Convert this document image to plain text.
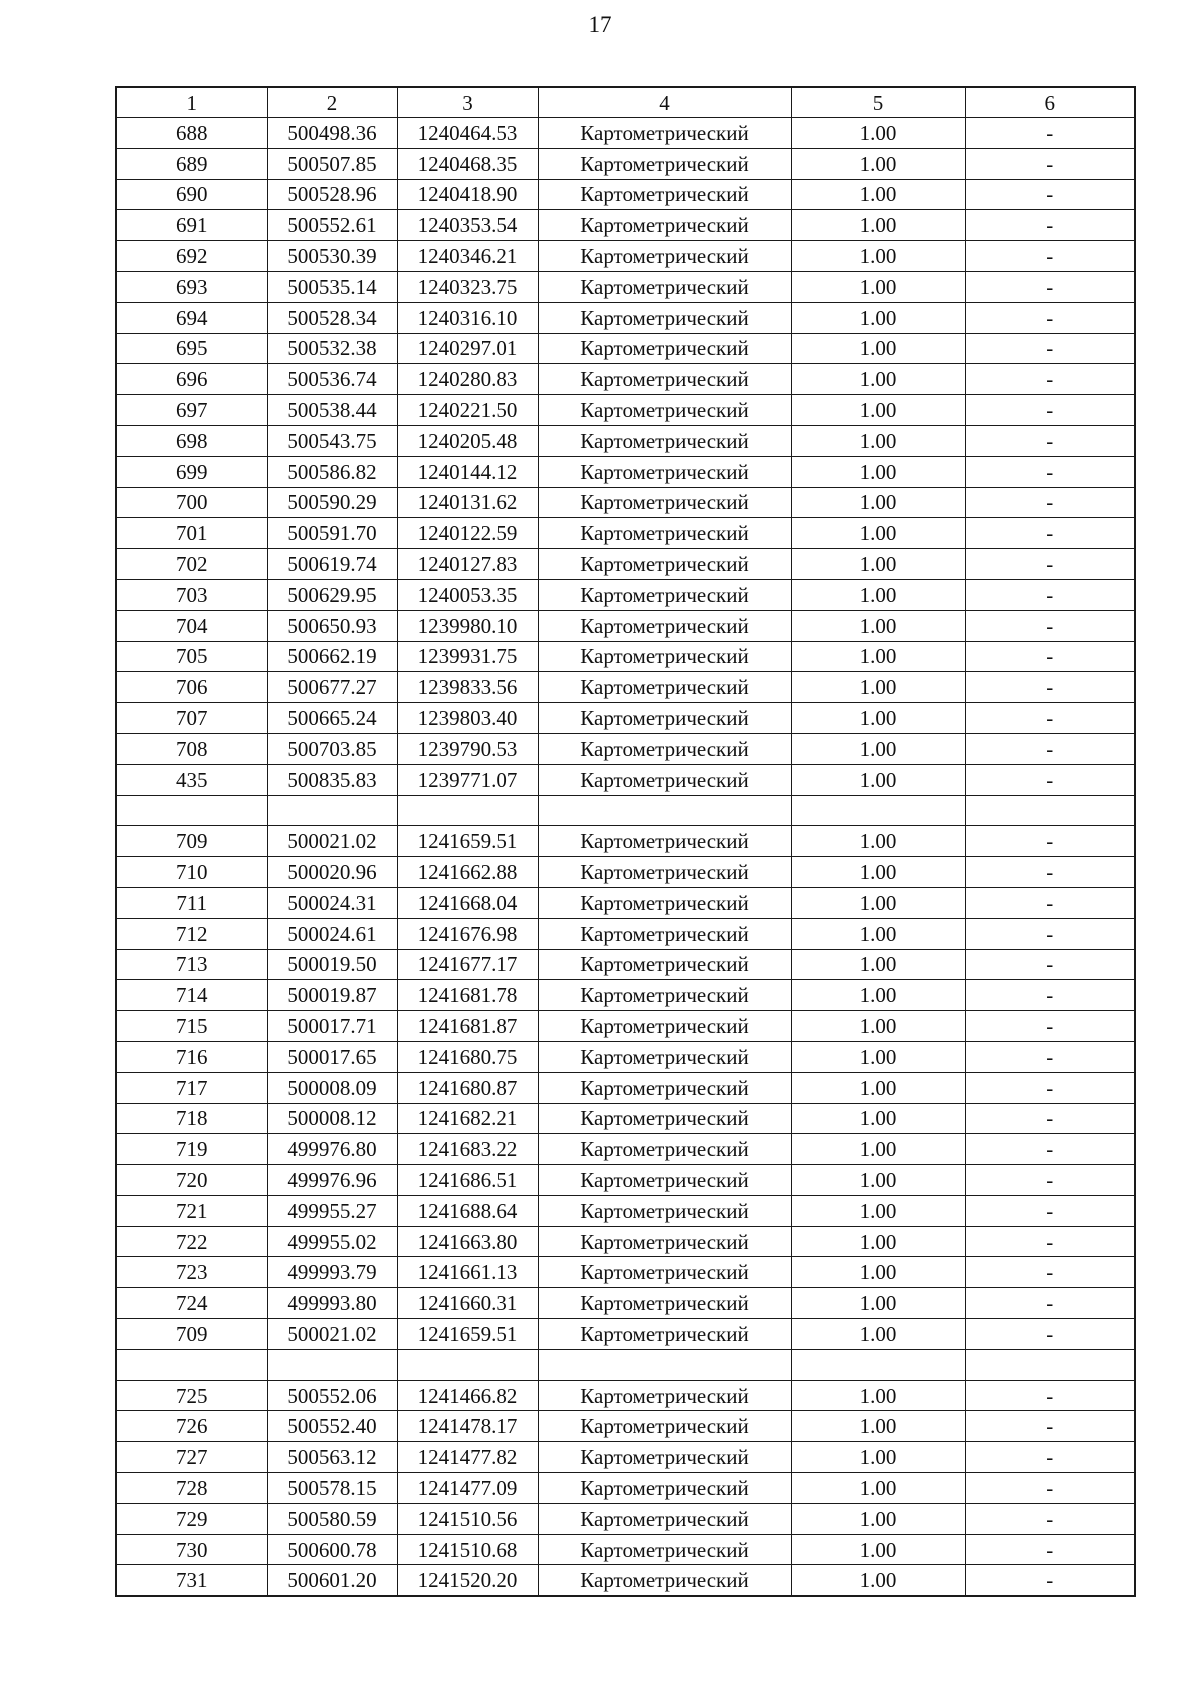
17
1	2	3	4	5	6
688	500498.36	1240464.53	Картометрический	1.00	-
689	500507.85	1240468.35	Картометрический	1.00	-
690	500528.96	1240418.90	Картометрический	1.00	-
691	500552.61	1240353.54	Картометрический	1.00	-
692	500530.39	1240346.21	Картометрический	1.00	-
693	500535.14	1240323.75	Картометрический	1.00	-
694	500528.34	1240316.10	Картометрический	1.00	-
695	500532.38	1240297.01	Картометрический	1.00	-
696	500536.74	1240280.83	Картометрический	1.00	-
697	500538.44	1240221.50	Картометрический	1.00	-
698	500543.75	1240205.48	Картометрический	1.00	-
699	500586.82	1240144.12	Картометрический	1.00	-
700	500590.29	1240131.62	Картометрический	1.00	-
701	500591.70	1240122.59	Картометрический	1.00	-
702	500619.74	1240127.83	Картометрический	1.00	-
703	500629.95	1240053.35	Картометрический	1.00	-
704	500650.93	1239980.10	Картометрический	1.00	-
705	500662.19	1239931.75	Картометрический	1.00	-
706	500677.27	1239833.56	Картометрический	1.00	-
707	500665.24	1239803.40	Картометрический	1.00	-
708	500703.85	1239790.53	Картометрический	1.00	-
435	500835.83	1239771.07	Картометрический	1.00	-

709	500021.02	1241659.51	Картометрический	1.00	-
710	500020.96	1241662.88	Картометрический	1.00	-
711	500024.31	1241668.04	Картометрический	1.00	-
712	500024.61	1241676.98	Картометрический	1.00	-
713	500019.50	1241677.17	Картометрический	1.00	-
714	500019.87	1241681.78	Картометрический	1.00	-
715	500017.71	1241681.87	Картометрический	1.00	-
716	500017.65	1241680.75	Картометрический	1.00	-
717	500008.09	1241680.87	Картометрический	1.00	-
718	500008.12	1241682.21	Картометрический	1.00	-
719	499976.80	1241683.22	Картометрический	1.00	-
720	499976.96	1241686.51	Картометрический	1.00	-
721	499955.27	1241688.64	Картометрический	1.00	-
722	499955.02	1241663.80	Картометрический	1.00	-
723	499993.79	1241661.13	Картометрический	1.00	-
724	499993.80	1241660.31	Картометрический	1.00	-
709	500021.02	1241659.51	Картометрический	1.00	-

725	500552.06	1241466.82	Картометрический	1.00	-
726	500552.40	1241478.17	Картометрический	1.00	-
727	500563.12	1241477.82	Картометрический	1.00	-
728	500578.15	1241477.09	Картометрический	1.00	-
729	500580.59	1241510.56	Картометрический	1.00	-
730	500600.78	1241510.68	Картометрический	1.00	-
731	500601.20	1241520.20	Картометрический	1.00	-
